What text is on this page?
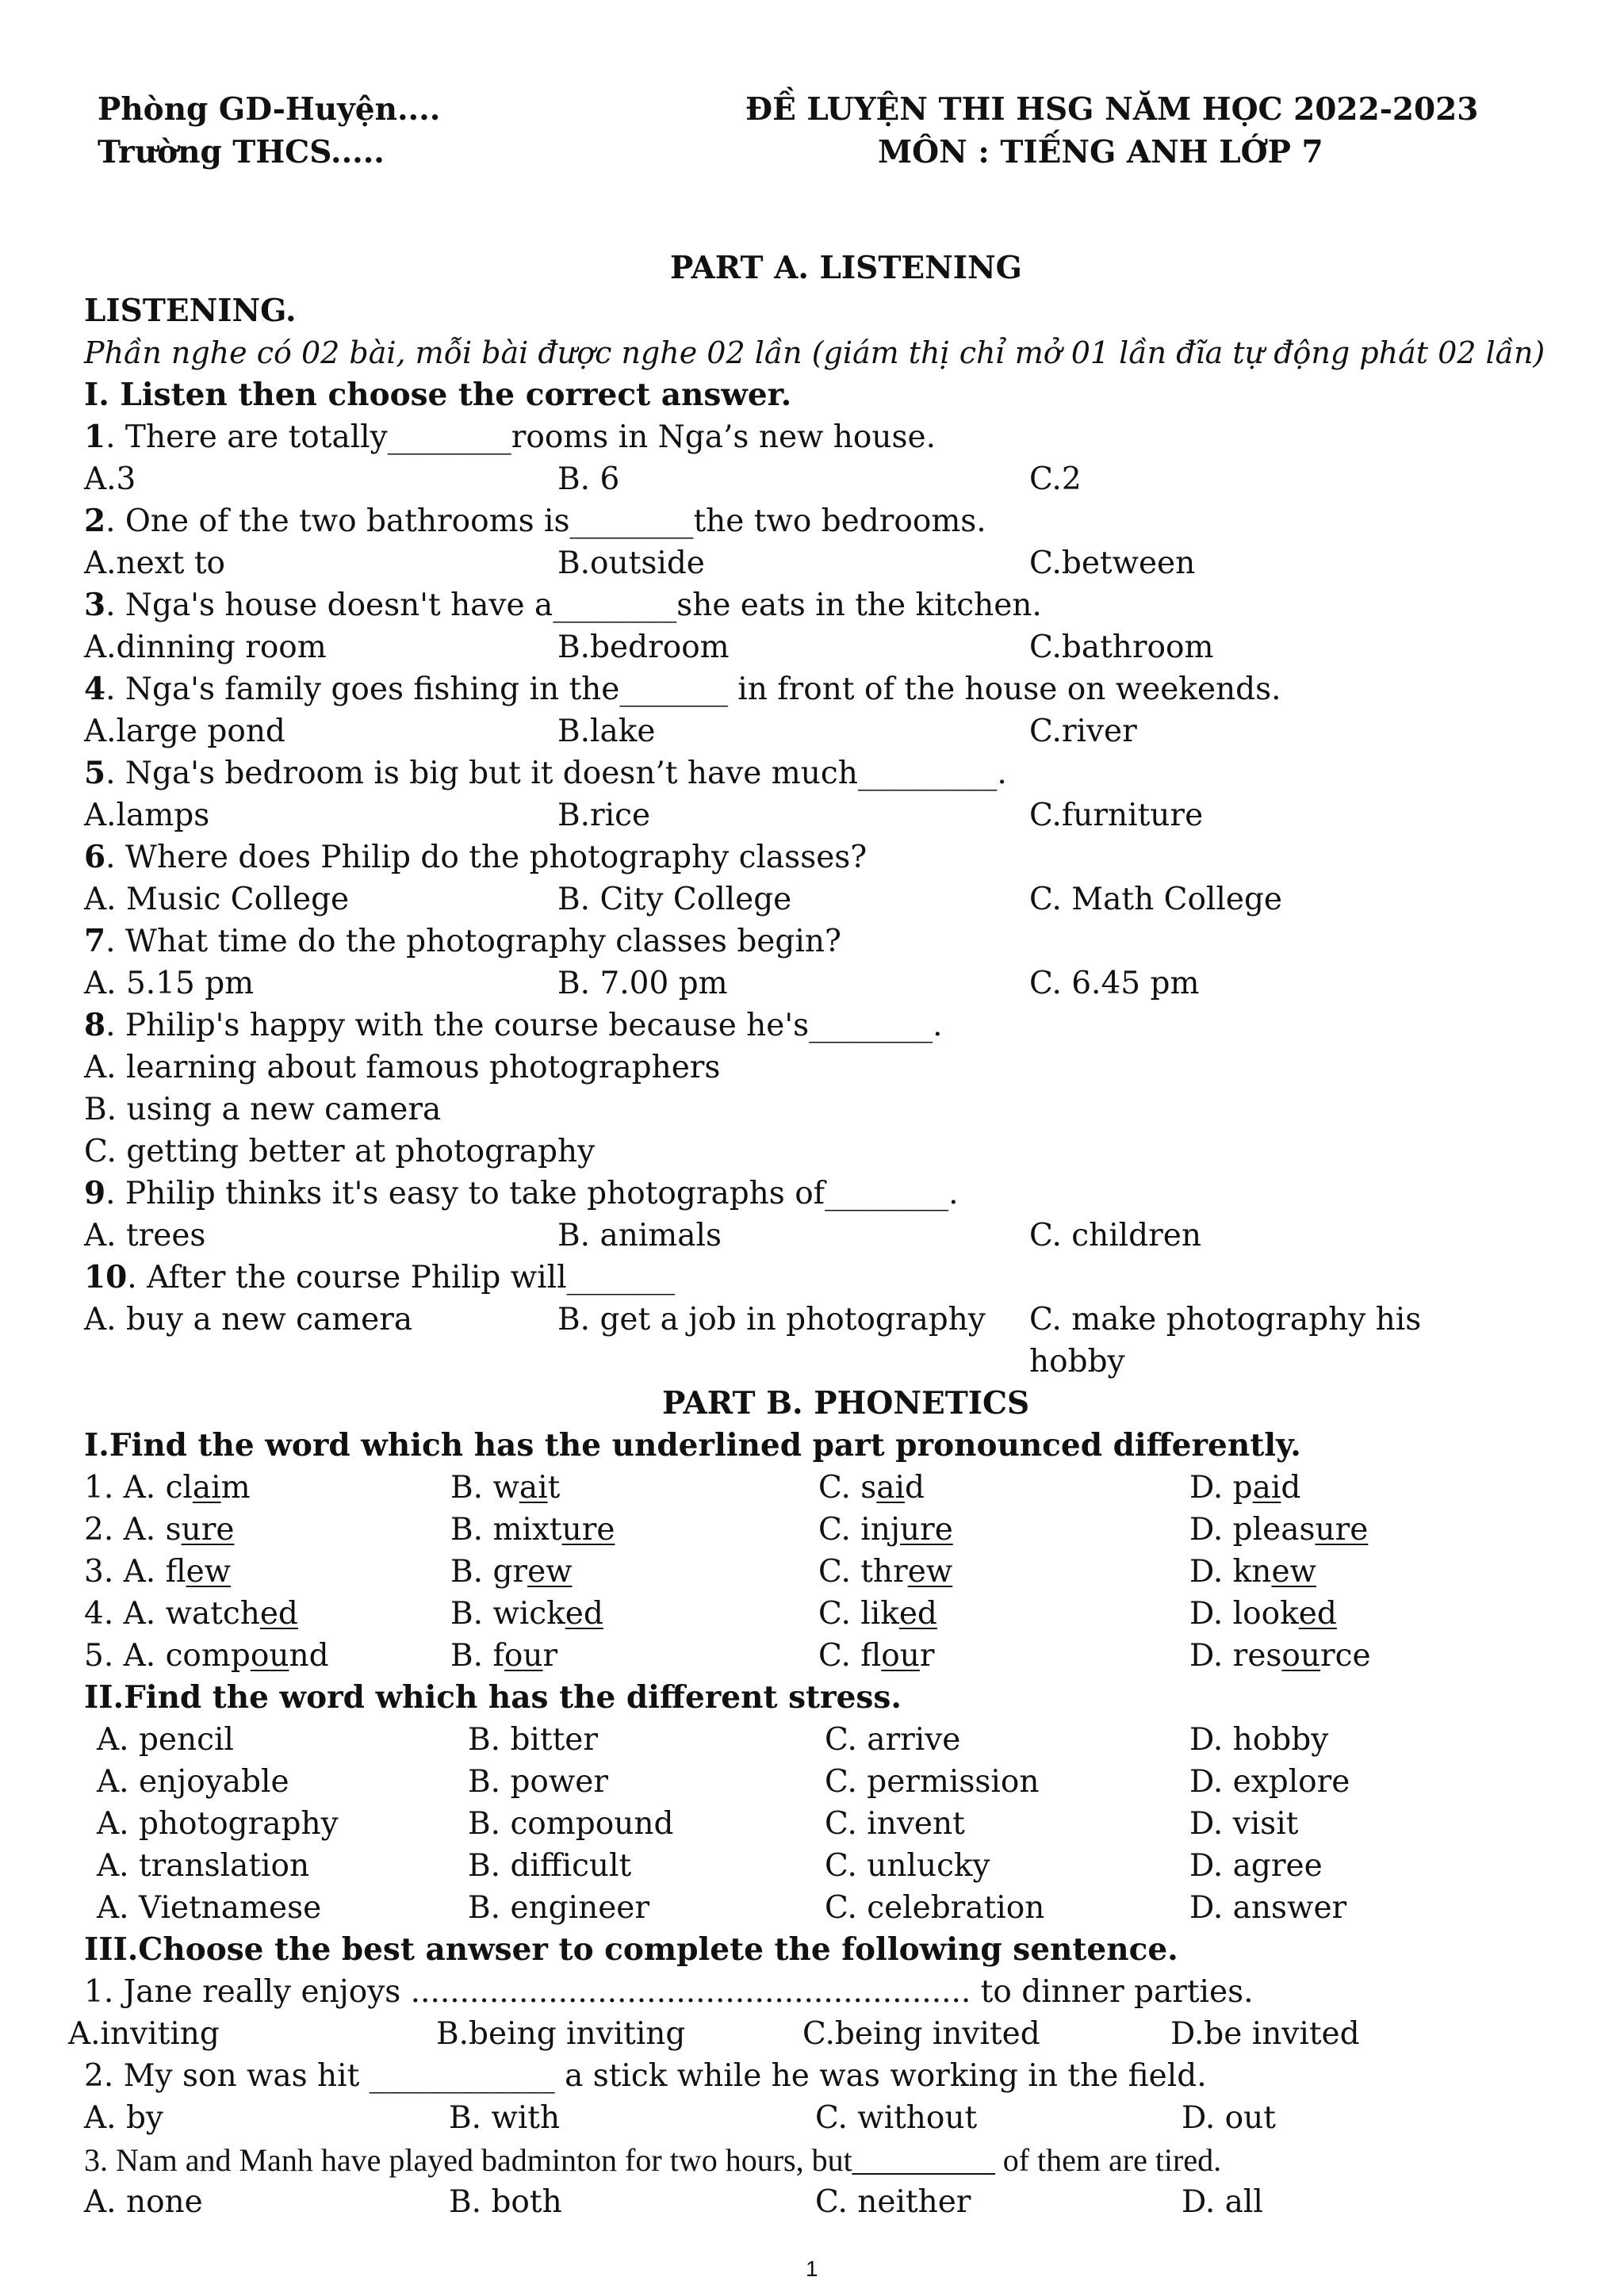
Phòng GD-Huyện....
Trường THCS.....
ĐỀ LUYỆN THI HSG NĂM HỌC 2022-2023
MÔN : TIẾNG ANH LỚP 7
PART A. LISTENING
LISTENING.
Phần nghe có 02 bài, mỗi bài được nghe 02 lần (giám thị chỉ mở 01 lần đĩa tự động phát 02 lần)
I. Listen then choose the correct answer.
1. There are totally________rooms in Nga’s new house.
A.3	B. 6	C.2
2. One of the two bathrooms is________the two bedrooms.
A.next to	B.outside	C.between
3. Nga's house doesn't have a________she eats in the kitchen.
A.dinning room	B.bedroom	C.bathroom
4. Nga's family goes fishing in the_______ in front of the house on weekends.
A.large pond	B.lake	C.river
5. Nga's bedroom is big but it doesn’t have much_________.
A.lamps	B.rice	C.furniture
6. Where does Philip do the photography classes?
A. Music College	B. City College	C. Math College
7. What time do the photography classes begin?
A. 5.15 pm	B. 7.00 pm	C. 6.45 pm
8. Philip's happy with the course because he's________.
A. learning about famous photographers
B. using a new camera
C. getting better at photography
9. Philip thinks it's easy to take photographs of________.
A. trees	B. animals	C. children
10. After the course Philip will_______
A. buy a new camera	B. get a job in photography C. make photography his
hobby
PART B. PHONETICS
I.Find the word which has the underlined part pronounced differently.
1. A. claim	B. wait	C. said	D. paid
2. A. sure	B. mixture	C. injure	D. pleasure
3. A. flew	B. grew	C. threw	D. knew
4. A. watched	B. wicked	C. liked	D. looked
5. A. compound	B. four	C. flour	D. resource
II.Find the word which has the different stress.
A. pencil	B. bitter	C. arrive	D. hobby
A. enjoyable	B. power	C. permission	D. explore
A. photography	B. compound	C. invent	D. visit
A. translation	B. difficult	C. unlucky	D. agree
A. Vietnamese	B. engineer	C. celebration	D. answer
III.Choose the best anwser to complete the following sentence.
1. Jane really enjoys ......................................................... to dinner parties.
A.inviting	B.being inviting	C.being invited	D.be invited
2. My son was hit ____________ a stick while he was working in the field.
A. by	B. with	C. without	D. out
3. Nam and Manh have played badminton for two hours, but_________ of them are tired.
A. none	B. both	C. neither	D. all
1
